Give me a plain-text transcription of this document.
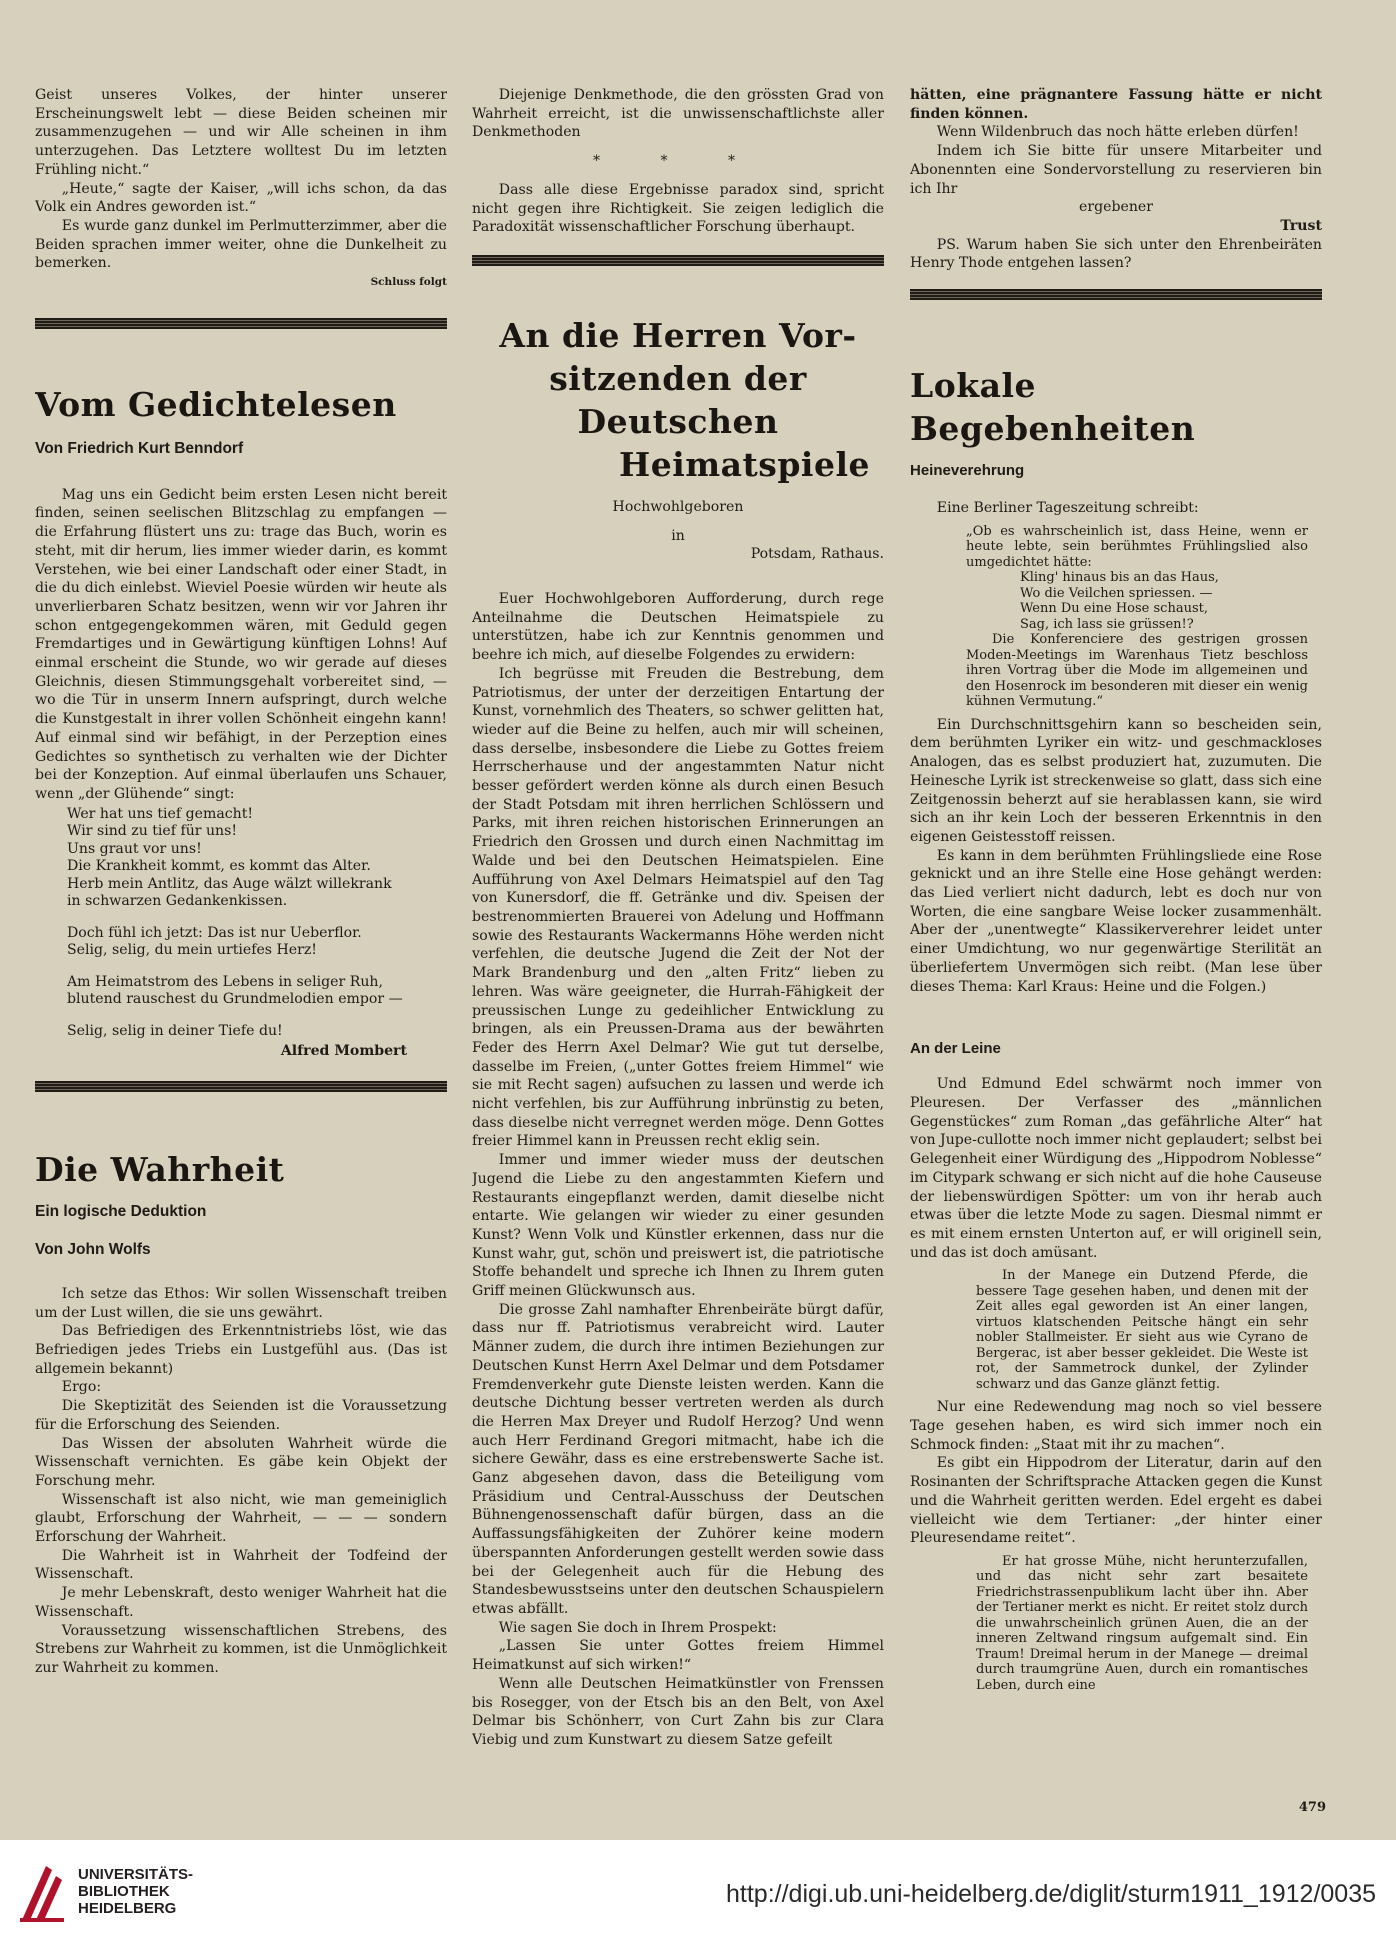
Geist unseres Volkes, der hinter unserer Erscheinungswelt lebt — diese Beiden scheinen mir zusammenzugehen — und wir Alle scheinen in ihm unterzugehen. Das Letztere wolltest Du im letzten Frühling nicht.“

„Heute,“ sagte der Kaiser, „will ichs schon, da das Volk ein Andres geworden ist.“

Es wurde ganz dunkel im Perlmutterzimmer, aber die Beiden sprachen immer weiter, ohne die Dunkelheit zu bemerken.

Schluss folgt

Vom Gedichtelesen
Von Friedrich Kurt Benndorf

Mag uns ein Gedicht beim ersten Lesen nicht bereit finden, seinen seelischen Blitzschlag zu empfangen — die Erfahrung flüstert uns zu: trage das Buch, worin es steht, mit dir herum, lies immer wieder darin, es kommt Verstehen, wie bei einer Landschaft oder einer Stadt, in die du dich einlebst. Wieviel Poesie würden wir heute als unverlierbaren Schatz besitzen, wenn wir vor Jahren ihr schon entgegengekommen wären, mit Geduld gegen Fremdartiges und in Gewärtigung künftigen Lohns! Auf einmal erscheint die Stunde, wo wir gerade auf dieses Gleichnis, diesen Stimmungsgehalt vorbereitet sind, — wo die Tür in unserm Innern aufspringt, durch welche die Kunstgestalt in ihrer vollen Schönheit eingehn kann! Auf einmal sind wir befähigt, in der Perzeption eines Gedichtes so synthetisch zu verhalten wie der Dichter bei der Konzeption. Auf einmal überlaufen uns Schauer, wenn „der Glühende“ singt:

Wer hat uns tief gemacht!
Wir sind zu tief für uns!
Uns graut vor uns!
Die Krankheit kommt, es kommt das Alter.
Herb mein Antlitz, das Auge wälzt willekrank
in schwarzen Gedankenkissen.
Doch fühl ich jetzt: Das ist nur Ueberflor.
Selig, selig, du mein urtiefes Herz!
Am Heimatstrom des Lebens in seliger Ruh,
blutend rauschest du Grundmelodien empor —
Selig, selig in deiner Tiefe du!

Alfred Mombert

Die Wahrheit
Ein logische Deduktion
Von John Wolfs

Ich setze das Ethos: Wir sollen Wissenschaft treiben um der Lust willen, die sie uns gewährt.

Das Befriedigen des Erkenntnistriebs löst, wie das Befriedigen jedes Triebs ein Lustgefühl aus. (Das ist allgemein bekannt)

Ergo:

Die Skeptizität des Seienden ist die Voraussetzung für die Erforschung des Seienden.

Das Wissen der absoluten Wahrheit würde die Wissenschaft vernichten. Es gäbe kein Objekt der Forschung mehr.

Wissenschaft ist also nicht, wie man gemeiniglich glaubt, Erforschung der Wahrheit, — — — sondern Erforschung der Wahrheit.

Die Wahrheit ist in Wahrheit der Todfeind der Wissenschaft.

Je mehr Lebenskraft, desto weniger Wahrheit hat die Wissenschaft.

Voraussetzung wissenschaftlichen Strebens, des Strebens zur Wahrheit zu kommen, ist die Unmöglichkeit zur Wahrheit zu kommen.

Diejenige Denkmethode, die den grössten Grad von Wahrheit erreicht, ist die unwissenschaftlichste aller Denkmethoden

* * *

Dass alle diese Ergebnisse paradox sind, spricht nicht gegen ihre Richtigkeit. Sie zeigen lediglich die Paradoxität wissenschaftlicher Forschung überhaupt.

An die Herren Vor-
sitzenden der Deutschen
Heimatspiele

Hochwohlgeboren

in

Potsdam, Rathaus.

Euer Hochwohlgeboren Aufforderung, durch rege Anteilnahme die Deutschen Heimatspiele zu unterstützen, habe ich zur Kenntnis genommen und beehre ich mich, auf dieselbe Folgendes zu erwidern:

Ich begrüsse mit Freuden die Bestrebung, dem Patriotismus, der unter der derzeitigen Entartung der Kunst, vornehmlich des Theaters, so schwer gelitten hat, wieder auf die Beine zu helfen, auch mir will scheinen, dass derselbe, insbesondere die Liebe zu Gottes freiem Herrscherhause und der angestammten Natur nicht besser gefördert werden könne als durch einen Besuch der Stadt Potsdam mit ihren herrlichen Schlössern und Parks, mit ihren reichen historischen Erinnerungen an Friedrich den Grossen und durch einen Nachmittag im Walde und bei den Deutschen Heimatspielen. Eine Aufführung von Axel Delmars Heimatspiel auf den Tag von Kunersdorf, die ff. Getränke und div. Speisen der bestrenommierten Brauerei von Adelung und Hoffmann sowie des Restaurants Wackermanns Höhe werden nicht verfehlen, die deutsche Jugend die Zeit der Not der Mark Brandenburg und den „alten Fritz“ lieben zu lehren. Was wäre geeigneter, die Hurrah-Fähigkeit der preussischen Lunge zu gedeihlicher Entwicklung zu bringen, als ein Preussen-Drama aus der bewährten Feder des Herrn Axel Delmar? Wie gut tut derselbe, dasselbe im Freien, („unter Gottes freiem Himmel“ wie sie mit Recht sagen) aufsuchen zu lassen und werde ich nicht verfehlen, bis zur Aufführung inbrünstig zu beten, dass dieselbe nicht verregnet werden möge. Denn Gottes freier Himmel kann in Preussen recht eklig sein.

Immer und immer wieder muss der deutschen Jugend die Liebe zu den angestammten Kiefern und Restaurants eingepflanzt werden, damit dieselbe nicht entarte. Wie gelangen wir wieder zu einer gesunden Kunst? Wenn Volk und Künstler erkennen, dass nur die Kunst wahr, gut, schön und preiswert ist, die patriotische Stoffe behandelt und spreche ich Ihnen zu Ihrem guten Griff meinen Glückwunsch aus.

Die grosse Zahl namhafter Ehrenbeiräte bürgt dafür, dass nur ff. Patriotismus verabreicht wird. Lauter Männer zudem, die durch ihre intimen Beziehungen zur Deutschen Kunst Herrn Axel Delmar und dem Potsdamer Fremdenverkehr gute Dienste leisten werden. Kann die deutsche Dichtung besser vertreten werden als durch die Herren Max Dreyer und Rudolf Herzog? Und wenn auch Herr Ferdinand Gregori mitmacht, habe ich die sichere Gewähr, dass es eine erstrebenswerte Sache ist. Ganz abgesehen davon, dass die Beteiligung vom Präsidium und Central-Ausschuss der Deutschen Bühnengenossenschaft dafür bürgen, dass an die Auffassungsfähigkeiten der Zuhörer keine modern überspannten Anforderungen gestellt werden sowie dass bei der Gelegenheit auch für die Hebung des Standesbewusstseins unter den deutschen Schauspielern etwas abfällt.

Wie sagen Sie doch in Ihrem Prospekt:

„Lassen Sie unter Gottes freiem Himmel Heimatkunst auf sich wirken!“

Wenn alle Deutschen Heimatkünstler von Frenssen bis Rosegger, von der Etsch bis an den Belt, von Axel Delmar bis Schönherr, von Curt Zahn bis zur Clara Viebig und zum Kunstwart zu diesem Satze gefeilt

hätten, eine prägnantere Fassung hätte er nicht finden können.

Wenn Wildenbruch das noch hätte erleben dürfen!

Indem ich Sie bitte für unsere Mitarbeiter und Abonennten eine Sondervorstellung zu reservieren bin ich Ihr

ergebener

Trust

PS. Warum haben Sie sich unter den Ehrenbeiräten Henry Thode entgehen lassen?

Lokale Begebenheiten
Heineverehrung

Eine Berliner Tageszeitung schreibt:

„Ob es wahrscheinlich ist, dass Heine, wenn er heute lebte, sein berühmtes Frühlingslied also umgedichtet hätte:
Kling' hinaus bis an das Haus,
Wo die Veilchen spriessen. —
Wenn Du eine Hose schaust,
Sag, ich lass sie grüssen!?
Die Konferenciere des gestrigen grossen Moden-Meetings im Warenhaus Tietz beschloss ihren Vortrag über die Mode im allgemeinen und den Hosenrock im besonderen mit dieser ein wenig kühnen Vermutung.“

Ein Durchschnittsgehirn kann so bescheiden sein, dem berühmten Lyriker ein witz- und geschmackloses Analogen, das es selbst produziert hat, zuzumuten. Die Heinesche Lyrik ist streckenweise so glatt, dass sich eine Zeitgenossin beherzt auf sie herablassen kann, sie wird sich an ihr kein Loch der besseren Erkenntnis in den eigenen Geistesstoff reissen.

Es kann in dem berühmten Frühlingsliede eine Rose geknickt und an ihre Stelle eine Hose gehängt werden: das Lied verliert nicht dadurch, lebt es doch nur von Worten, die eine sangbare Weise locker zusammenhält. Aber der „unentwegte“ Klassikerverehrer leidet unter einer Umdichtung, wo nur gegenwärtige Sterilität an überliefertem Unvermögen sich reibt. (Man lese über dieses Thema: Karl Kraus: Heine und die Folgen.)

An der Leine

Und Edmund Edel schwärmt noch immer von Pleuresen. Der Verfasser des „männlichen Gegenstückes“ zum Roman „das gefährliche Alter“ hat von Jupe-cullotte noch immer nicht geplaudert; selbst bei Gelegenheit einer Würdigung des „Hippodrom Noblesse“ im Citypark schwang er sich nicht auf die hohe Causeuse der liebenswürdigen Spötter: um von ihr herab auch etwas über die letzte Mode zu sagen. Diesmal nimmt er es mit einem ernsten Unterton auf, er will originell sein, und das ist doch amüsant.

In der Manege ein Dutzend Pferde, die bessere Tage gesehen haben, und denen mit der Zeit alles egal geworden ist An einer langen, virtuos klatschenden Peitsche hängt ein sehr nobler Stallmeister. Er sieht aus wie Cyrano de Bergerac, ist aber besser gekleidet. Die Weste ist rot, der Sammetrock dunkel, der Zylinder schwarz und das Ganze glänzt fettig.

Nur eine Redewendung mag noch so viel bessere Tage gesehen haben, es wird sich immer noch ein Schmock finden: „Staat mit ihr zu machen“.

Es gibt ein Hippodrom der Literatur, darin auf den Rosinanten der Schriftsprache Attacken gegen die Kunst und die Wahrheit geritten werden. Edel ergeht es dabei vielleicht wie dem Tertianer: „der hinter einer Pleuresendame reitet“.

Er hat grosse Mühe, nicht herunterzufallen, und das nicht sehr zart besaitete Friedrichstrassenpublikum lacht über ihn. Aber der Tertianer merkt es nicht. Er reitet stolz durch die unwahrscheinlich grünen Auen, die an der inneren Zeltwand ringsum aufgemalt sind. Ein Traum! Dreimal herum in der Manege — dreimal durch traumgrüne Auen, durch ein romantisches Leben, durch eine
479
UNIVERSITÄTS-
BIBLIOTHEK
HEIDELBERG
http://digi.ub.uni-heidelberg.de/diglit/sturm1911_1912/0035
